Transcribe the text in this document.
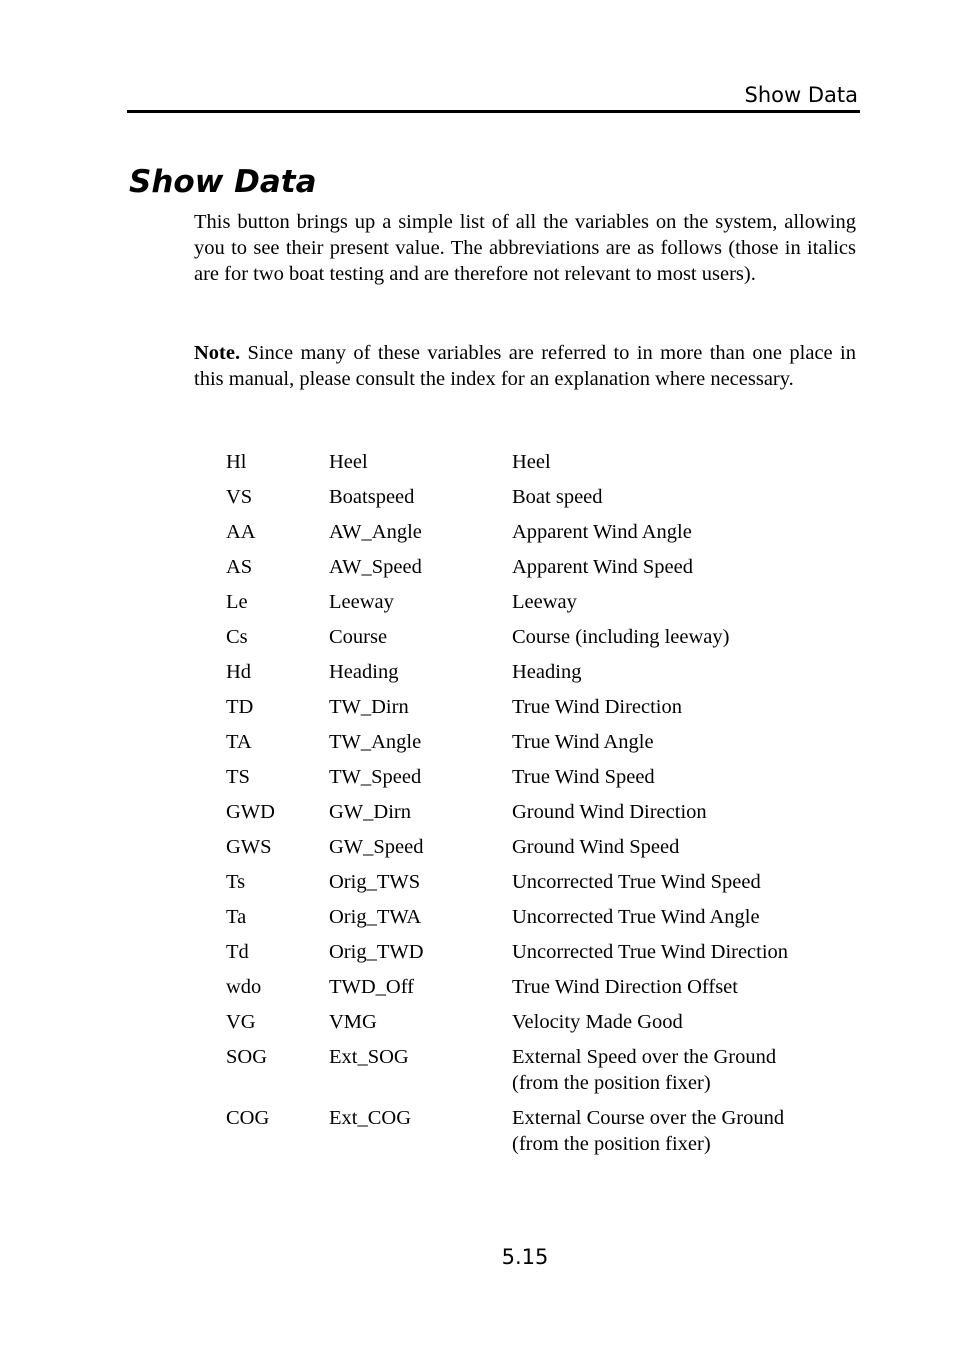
Show Data
Show Data

This button brings up a simple list of all the variables on the system, allowing you to see their present value. The abbreviations are as follows (those in italics are for two boat testing and are therefore not relevant to most users).

Note. Since many of these variables are referred to in more than one place in this manual, please consult the index for an explanation where necessary.

Hl	Heel	Heel
VS	Boatspeed	Boat speed
AA	AW_Angle	Apparent Wind Angle
AS	AW_Speed	Apparent Wind Speed
Le	Leeway	Leeway
Cs	Course	Course (including leeway)
Hd	Heading	Heading
TD	TW_Dirn	True Wind Direction
TA	TW_Angle	True Wind Angle
TS	TW_Speed	True Wind Speed
GWD	GW_Dirn	Ground Wind Direction
GWS	GW_Speed	Ground Wind Speed
Ts	Orig_TWS	Uncorrected True Wind Speed
Ta	Orig_TWA	Uncorrected True Wind Angle
Td	Orig_TWD	Uncorrected True Wind Direction
wdo	TWD_Off	True Wind Direction Offset
VG	VMG	Velocity Made Good
SOG	Ext_SOG	External Speed over the Ground
(from the position fixer)
COG	Ext_COG	External Course over the Ground
(from the position fixer)
5.15
